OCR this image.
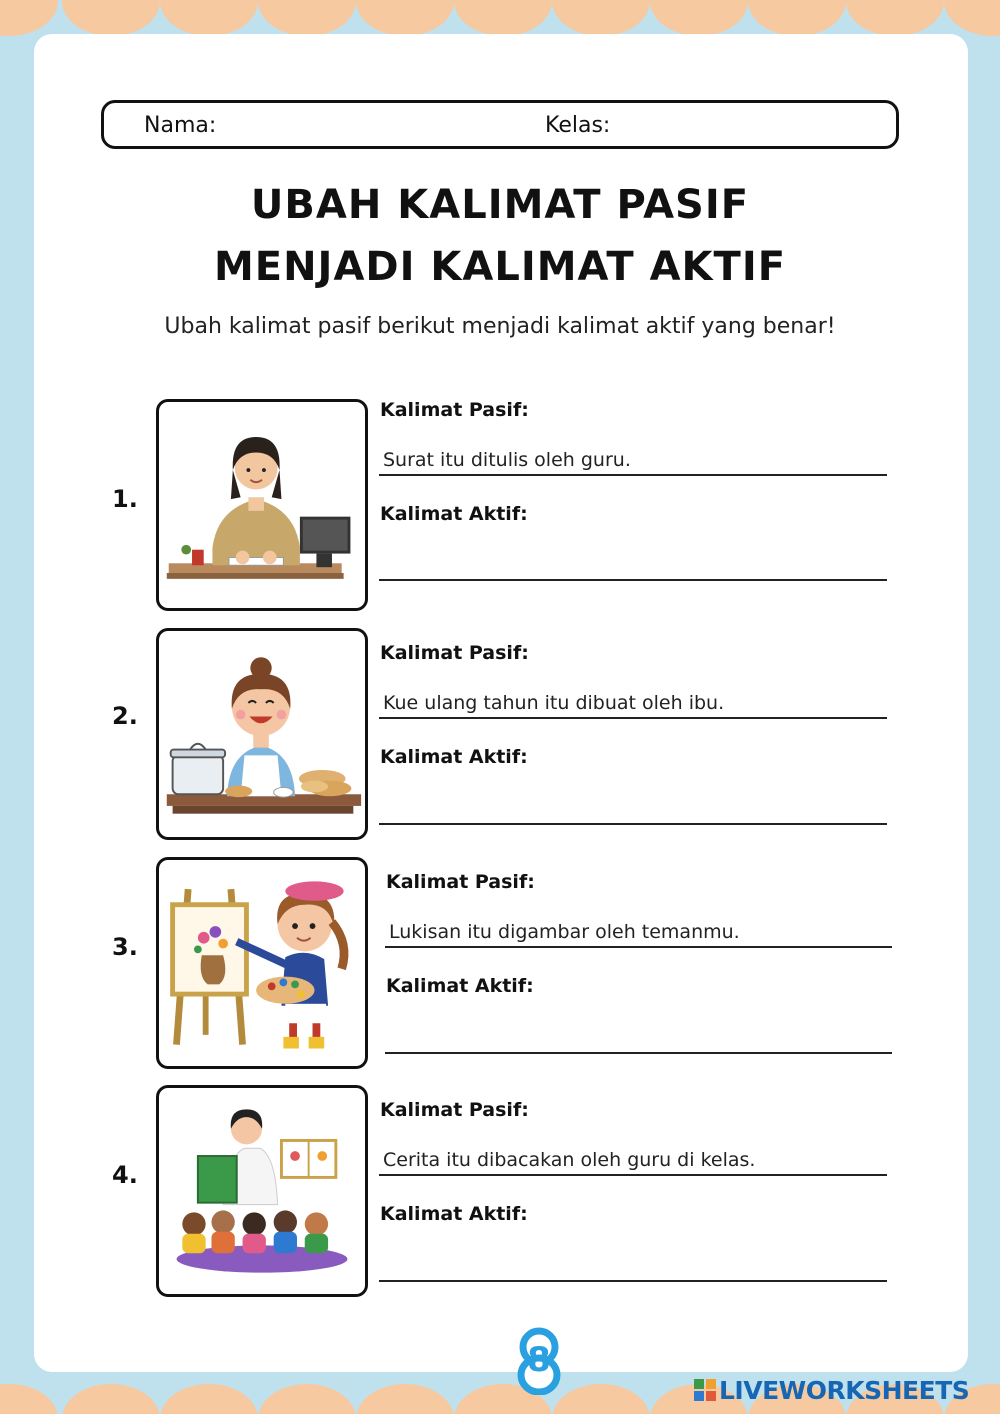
Nama:	Kelas:
UBAH KALIMAT PASIF
MENJADI KALIMAT AKTIF
Ubah kalimat pasif berikut menjadi kalimat aktif yang benar!
1.
Kalimat Pasif:
Surat itu ditulis oleh guru.
Kalimat Aktif:
2.
Kalimat Pasif:
Kue ulang tahun itu dibuat oleh ibu.
Kalimat Aktif:
3.
Kalimat Pasif:
Lukisan itu digambar oleh temanmu.
Kalimat Aktif:
4.
Kalimat Pasif:
Cerita itu dibacakan oleh guru di kelas.
Kalimat Aktif:
8
LIVEWORKSHEETS
